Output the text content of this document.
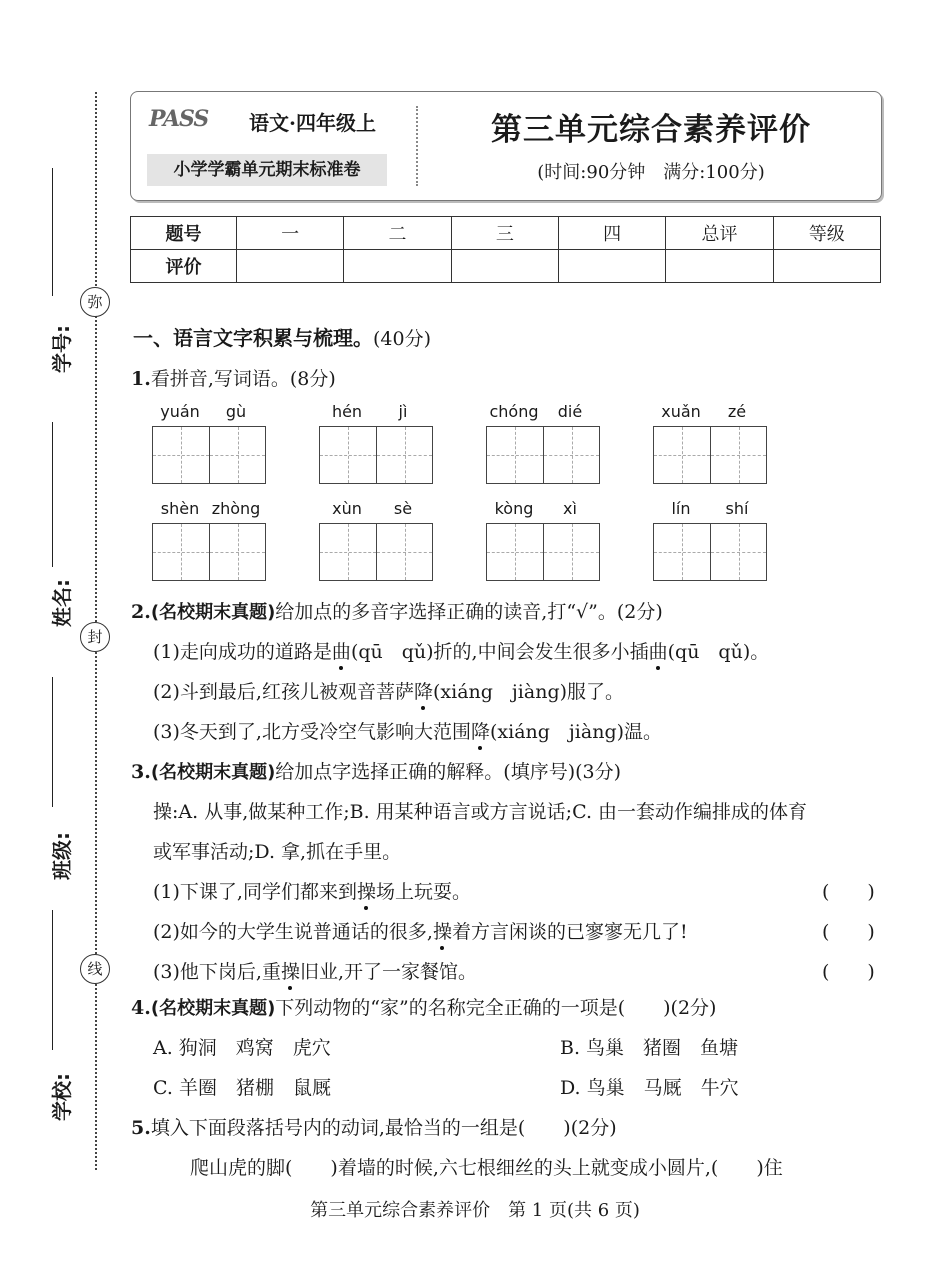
弥
封
线
学号:
姓名:
班级:
学校:
PASS 语文·四年级上
小学学霸单元期末标准卷
第三单元综合素养评价
(时间:90分钟　满分:100分)
题号	一	二	三	四	总评	等级
评价						
一、语言文字积累与梳理。(40分)
1.看拼音,写词语。(8分)
yuán	gù	hén	jì	chóng	dié	xuǎn	zé
shèn zhòng	xùn	sè	kòng	xì	lín	shí
2.(名校期末真题)给加点的多音字选择正确的读音,打“√”。(2分)
(1)走向成功的道路是曲(qū　qǔ)折的,中间会发生很多小插曲(qū　qǔ)。
(2)斗到最后,红孩儿被观音菩萨降(xiáng　jiàng)服了。
(3)冬天到了,北方受冷空气影响大范围降(xiáng　jiàng)温。
3.(名校期末真题)给加点字选择正确的解释。(填序号)(3分)
操:A. 从事,做某种工作;B. 用某种语言或方言说话;C. 由一套动作编排成的体育
或军事活动;D. 拿,抓在手里。
(1)下课了,同学们都来到操场上玩耍。	(　　)
(2)如今的大学生说普通话的很多,操着方言闲谈的已寥寥无几了!	(　　)
(3)他下岗后,重操旧业,开了一家餐馆。	(　　)
4.(名校期末真题)下列动物的“家”的名称完全正确的一项是(　　)(2分)
A. 狗洞　鸡窝　虎穴	B. 鸟巢　猪圈　鱼塘
C. 羊圈　猪棚　鼠厩	D. 鸟巢　马厩　牛穴
5.填入下面段落括号内的动词,最恰当的一组是(　　)(2分)
爬山虎的脚(　　)着墙的时候,六七根细丝的头上就变成小圆片,(　　)住
第三单元综合素养评价　第 1 页(共 6 页)
